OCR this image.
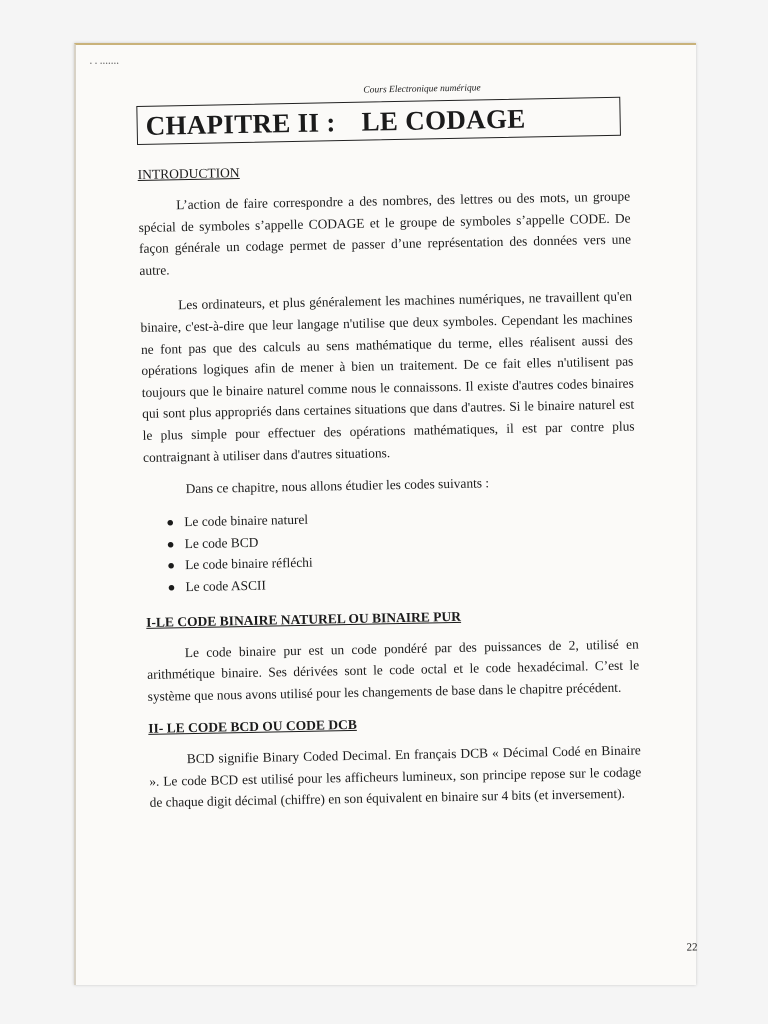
• • •••••••
Cours Electronique numérique
CHAPITRE II : LE CODAGE
INTRODUCTION

L’action de faire correspondre a des nombres, des lettres ou des mots, un groupe spécial de symboles s’appelle CODAGE et le groupe de symboles s’appelle CODE. De façon générale un codage permet de passer d’une représentation des données vers une autre.

Les ordinateurs, et plus généralement les machines numériques, ne travaillent qu'en binaire, c'est-à-dire que leur langage n'utilise que deux symboles. Cependant les machines ne font pas que des calculs au sens mathématique du terme, elles réalisent aussi des opérations logiques afin de mener à bien un traitement. De ce fait elles n'utilisent pas toujours que le binaire naturel comme nous le connaissons. Il existe d'autres codes binaires qui sont plus appropriés dans certaines situations que dans d'autres. Si le binaire naturel est le plus simple pour effectuer des opérations mathématiques, il est par contre plus contraignant à utiliser dans d'autres situations.

Dans ce chapitre, nous allons étudier les codes suivants :
● Le code binaire naturel
● Le code BCD
● Le code binaire réfléchi
● Le code ASCII
I-LE CODE BINAIRE NATUREL OU BINAIRE PUR

Le code binaire pur est un code pondéré par des puissances de 2, utilisé en arithmétique binaire. Ses dérivées sont le code octal et le code hexadécimal. C’est le système que nous avons utilisé pour les changements de base dans le chapitre précédent.

II- LE CODE BCD OU CODE DCB

BCD signifie Binary Coded Decimal. En français DCB « Décimal Codé en Binaire ». Le code BCD est utilisé pour les afficheurs lumineux, son principe repose sur le codage de chaque digit décimal (chiffre) en son équivalent en binaire sur 4 bits (et inversement).

22
